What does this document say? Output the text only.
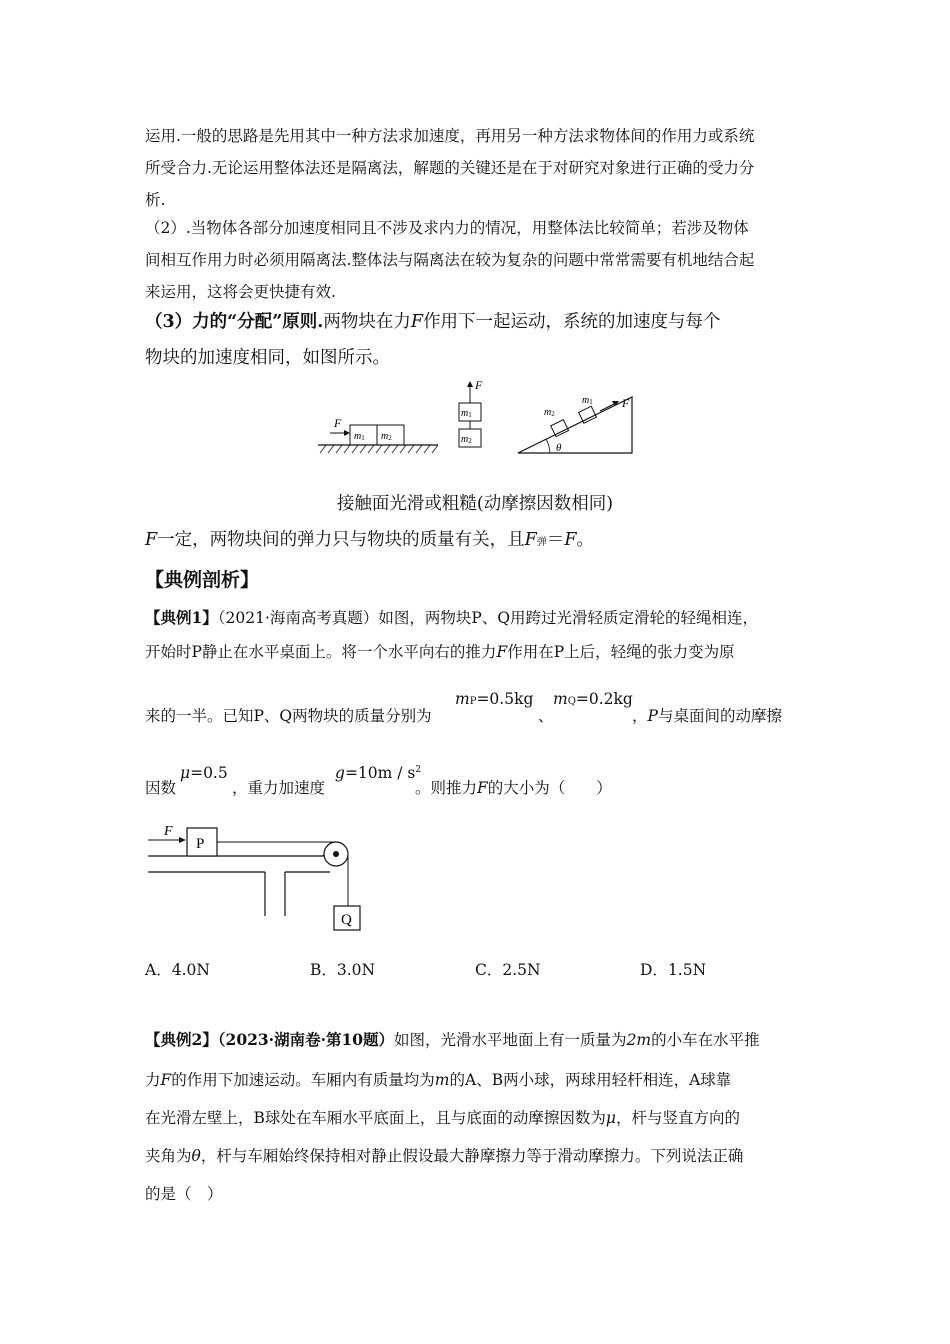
运用.一般的思路是先用其中一种方法求加速度，再用另一种方法求物体间的作用力或系统
所受合力.无论运用整体法还是隔离法，解题的关键还是在于对研究对象进行正确的受力分
析.
（2）.当物体各部分加速度相同且不涉及求内力的情况，用整体法比较简单；若涉及物体
间相互作用力时必须用隔离法.整体法与隔离法在较为复杂的问题中常常需要有机地结合起
来运用，这将会更快捷有效.
（3）力的“分配”原则.两物块在力F作用下一起运动，系统的加速度与每个
物块的加速度相同，如图所示。
F
m1 m2
F
m1
m2
θ
F
m2
m1
接触面光滑或粗糙(动摩擦因数相同)
F一定，两物块间的弹力只与物块的质量有关，且F弹＝F。
【典例剖析】
【典例1】（2021·海南高考真题）如图，两物块P、Q用跨过光滑轻质定滑轮的轻绳相连，
开始时P静止在水平桌面上。将一个水平向右的推力F作用在P上后，轻绳的张力变为原
来的一半。已知P、Q两物块的质量分别为
mP=0.5kg
、
mQ=0.2kg
，P与桌面间的动摩擦
因数
μ=0.5
，重力加速度
$g=10m / s^2$
。则推力F的大小为（　　）
P
F
Q
A．4.0N	B．3.0N	C．2.5N	D．1.5N
【典例2】（2023·湖南卷·第10题）如图，光滑水平地面上有一质量为2m的小车在水平推
力F的作用下加速运动。车厢内有质量均为m的A、B两小球，两球用轻杆相连，A球靠
在光滑左壁上，B球处在车厢水平底面上，且与底面的动摩擦因数为μ，杆与竖直方向的
夹角为θ，杆与车厢始终保持相对静止假设最大静摩擦力等于滑动摩擦力。下列说法正确
的是（　）
